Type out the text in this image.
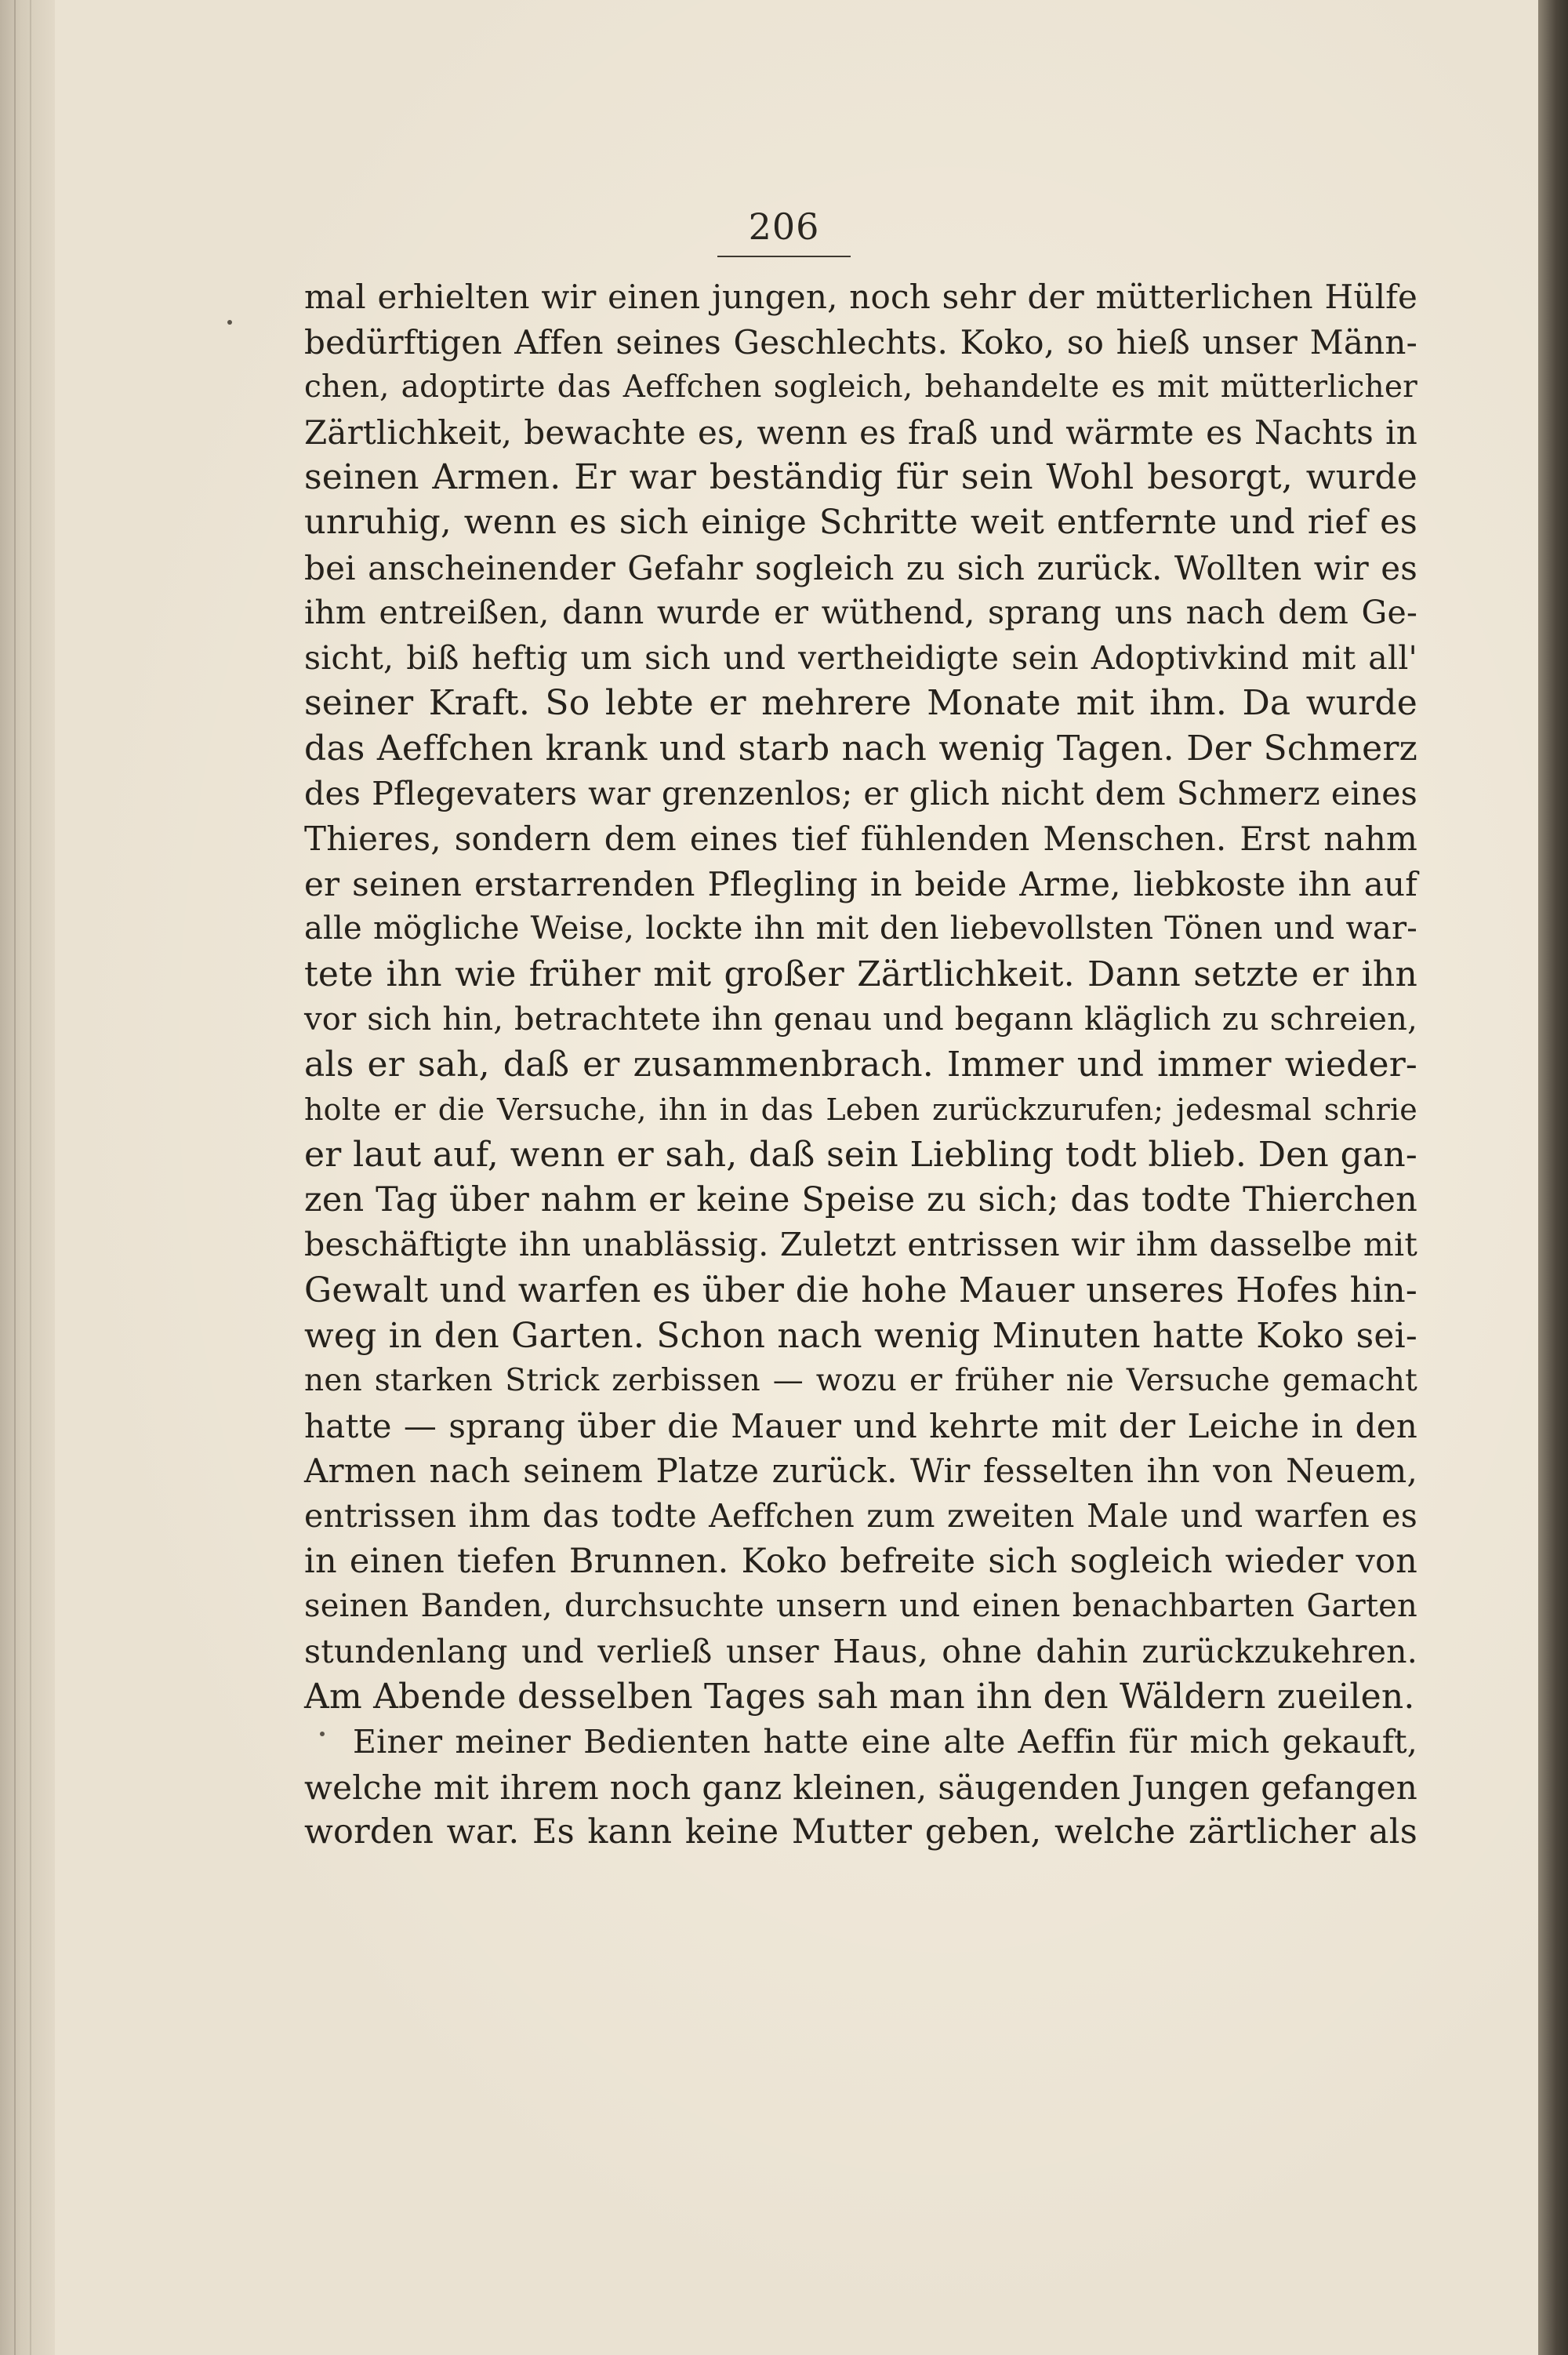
206
mal erhielten wir einen jungen, noch sehr der mütterlichen Hülfe
bedürftigen Affen seines Geschlechts. Koko, so hieß unser Männ-
chen, adoptirte das Aeffchen sogleich, behandelte es mit mütterlicher
Zärtlichkeit, bewachte es, wenn es fraß und wärmte es Nachts in
seinen Armen. Er war beständig für sein Wohl besorgt, wurde
unruhig, wenn es sich einige Schritte weit entfernte und rief es
bei anscheinender Gefahr sogleich zu sich zurück. Wollten wir es
ihm entreißen, dann wurde er wüthend, sprang uns nach dem Ge-
sicht, biß heftig um sich und vertheidigte sein Adoptivkind mit all'
seiner Kraft. So lebte er mehrere Monate mit ihm. Da wurde
das Aeffchen krank und starb nach wenig Tagen. Der Schmerz
des Pflegevaters war grenzenlos; er glich nicht dem Schmerz eines
Thieres, sondern dem eines tief fühlenden Menschen. Erst nahm
er seinen erstarrenden Pflegling in beide Arme, liebkoste ihn auf
alle mögliche Weise, lockte ihn mit den liebevollsten Tönen und war-
tete ihn wie früher mit großer Zärtlichkeit. Dann setzte er ihn
vor sich hin, betrachtete ihn genau und begann kläglich zu schreien,
als er sah, daß er zusammenbrach. Immer und immer wieder-
holte er die Versuche, ihn in das Leben zurückzurufen; jedesmal schrie
er laut auf, wenn er sah, daß sein Liebling todt blieb. Den gan-
zen Tag über nahm er keine Speise zu sich; das todte Thierchen
beschäftigte ihn unablässig. Zuletzt entrissen wir ihm dasselbe mit
Gewalt und warfen es über die hohe Mauer unseres Hofes hin-
weg in den Garten. Schon nach wenig Minuten hatte Koko sei-
nen starken Strick zerbissen — wozu er früher nie Versuche gemacht
hatte — sprang über die Mauer und kehrte mit der Leiche in den
Armen nach seinem Platze zurück. Wir fesselten ihn von Neuem,
entrissen ihm das todte Aeffchen zum zweiten Male und warfen es
in einen tiefen Brunnen. Koko befreite sich sogleich wieder von
seinen Banden, durchsuchte unsern und einen benachbarten Garten
stundenlang und verließ unser Haus, ohne dahin zurückzukehren.
Am Abende desselben Tages sah man ihn den Wäldern zueilen.
Einer meiner Bedienten hatte eine alte Aeffin für mich gekauft,
welche mit ihrem noch ganz kleinen, säugenden Jungen gefangen
worden war. Es kann keine Mutter geben, welche zärtlicher als
